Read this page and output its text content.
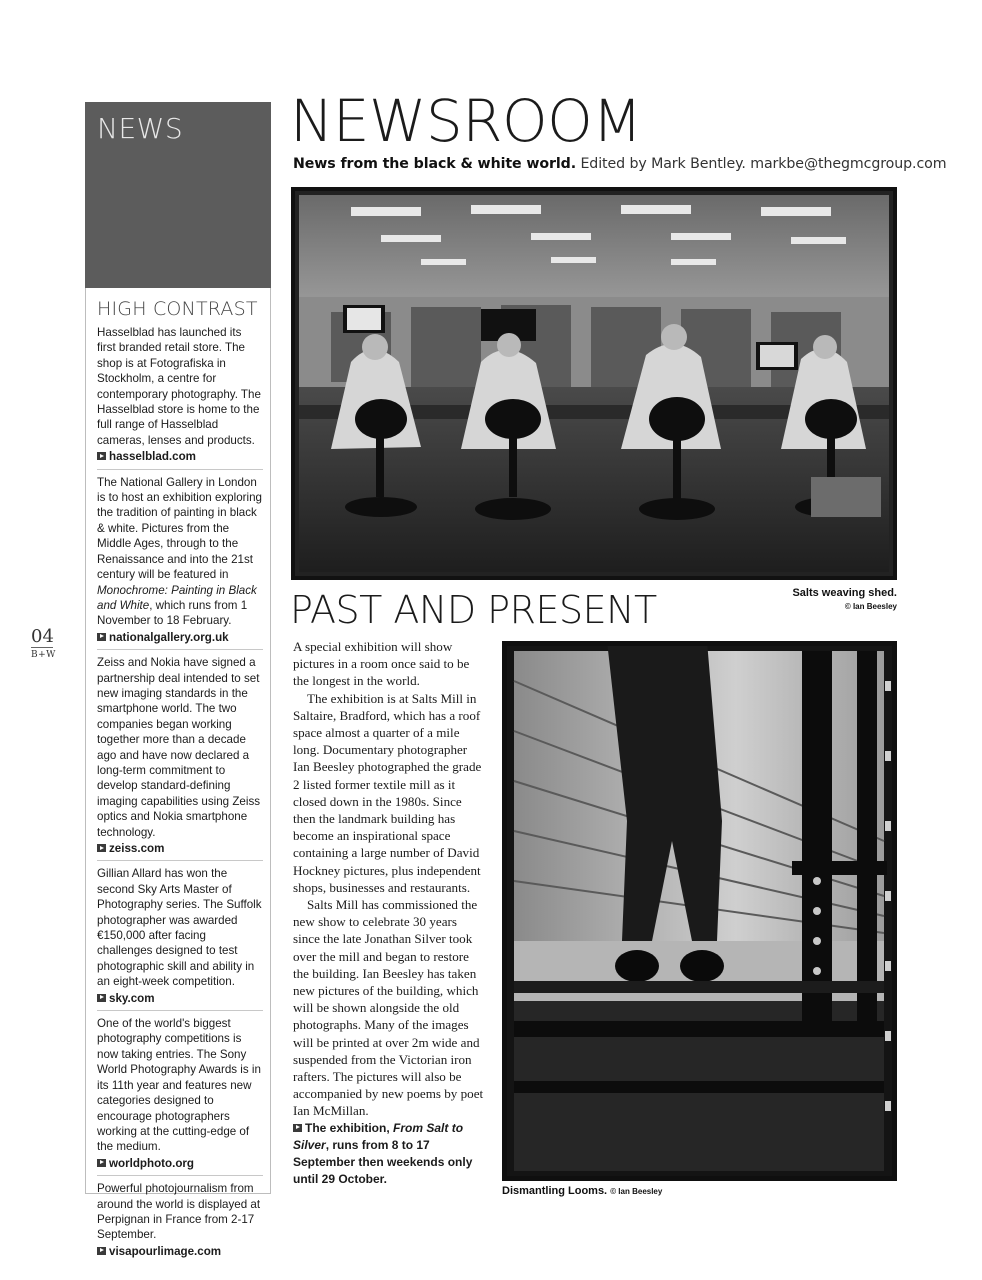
NEWS
HIGH CONTRAST
Hasselblad has launched its first branded retail store. The shop is at Fotografiska in Stockholm, a centre for contemporary photography. The Hasselblad store is home to the full range of Hasselblad cameras, lenses and products.
hasselblad.com
The National Gallery in London is to host an exhibition exploring the tradition of painting in black & white. Pictures from the Middle Ages, through to the Renaissance and into the 21st century will be featured in Monochrome: Painting in Black and White, which runs from 1 November to 18 February.
nationalgallery.org.uk
Zeiss and Nokia have signed a partnership deal intended to set new imaging standards in the smartphone world. The two companies began working together more than a decade ago and have now declared a long-term commitment to develop standard-defining imaging capabilities using Zeiss optics and Nokia smartphone technology.
zeiss.com
Gillian Allard has won the second Sky Arts Master of Photography series. The Suffolk photographer was awarded €150,000 after facing challenges designed to test photographic skill and ability in an eight-week competition.
sky.com
One of the world's biggest photography competitions is now taking entries. The Sony World Photography Awards is in its 11th year and features new categories designed to encourage photographers working at the cutting-edge of the medium.
worldphoto.org
Powerful photojournalism from around the world is displayed at Perpignan in France from 2-17 September.
visapourlimage.com
04
B+W
NEWSROOM
News from the black & white world. Edited by Mark Bentley. markbe@thegmcgroup.com
Salts weaving shed.
© Ian Beesley
PAST AND PRESENT

A special exhibition will show pictures in a room once said to be the longest in the world.

The exhibition is at Salts Mill in Saltaire, Bradford, which has a roof space almost a quarter of a mile long. Documentary photographer Ian Beesley photographed the grade 2 listed former textile mill as it closed down in the 1980s. Since then the landmark building has become an inspirational space containing a large number of David Hockney pictures, plus independent shops, businesses and restaurants.

Salts Mill has commissioned the new show to celebrate 30 years since the late Jonathan Silver took over the mill and began to restore the building. Ian Beesley has taken new pictures of the building, which will be shown alongside the old photographs. Many of the images will be printed at over 2m wide and suspended from the Victorian iron rafters. The pictures will also be accompanied by new poems by poet Ian McMillan.

The exhibition, From Salt to Silver, runs from 8 to 17 September then weekends only until 29 October.
Dismantling Looms. © Ian Beesley
